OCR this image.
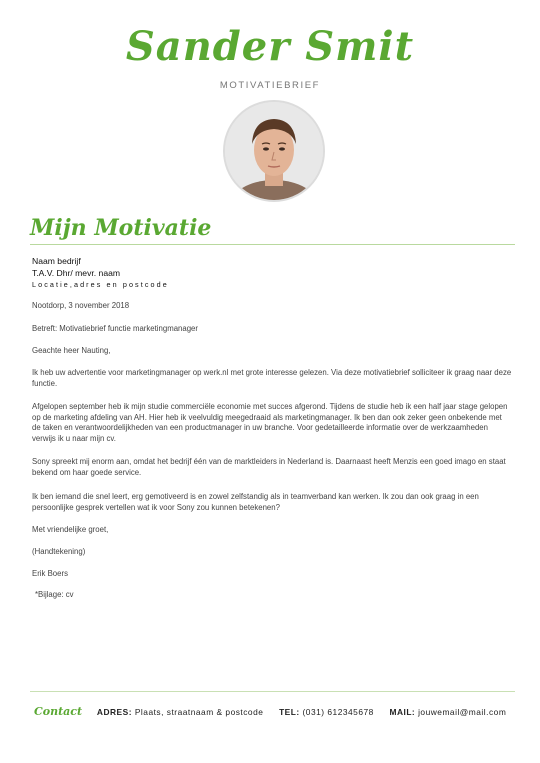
Sander Smit
MOTIVATIEBRIEF
Mijn Motivatie
Naam bedrijf
T.A.V. Dhr/ mevr. naam
Locatie,adres en postcode
Nootdorp, 3 november 2018
Betreft: Motivatiebrief functie marketingmanager
Geachte heer Nauting,

Ik heb uw advertentie voor marketingmanager op werk.nl met grote interesse gelezen. Via deze motivatiebrief solliciteer ik graag naar deze functie.

Afgelopen september heb ik mijn studie commerciële economie met succes afgerond. Tijdens de studie heb ik een half jaar stage gelopen op de marketing afdeling van AH. Hier heb ik veelvuldig meegedraaid als marketingmanager. Ik ben dan ook zeker geen onbekende met de taken en verantwoordelijkheden van een productmanager in uw branche. Voor gedetailleerde informatie over de werkzaamheden verwijs ik u naar mijn cv.

Sony spreekt mij enorm aan, omdat het bedrijf één van de marktleiders in Nederland is. Daarnaast heeft Menzis een goed imago en staat bekend om haar goede service.

Ik ben iemand die snel leert, erg gemotiveerd is en zowel zelfstandig als in teamverband kan werken. Ik zou dan ook graag in een persoonlijke gesprek vertellen wat ik voor Sony zou kunnen betekenen?

Met vriendelijke groet,
(Handtekening)
Erik Boers
*Bijlage: cv
Contact ADRES: Plaats, straatnaam & postcode TEL: (031) 612345678 MAIL: jouwemail@mail.com
